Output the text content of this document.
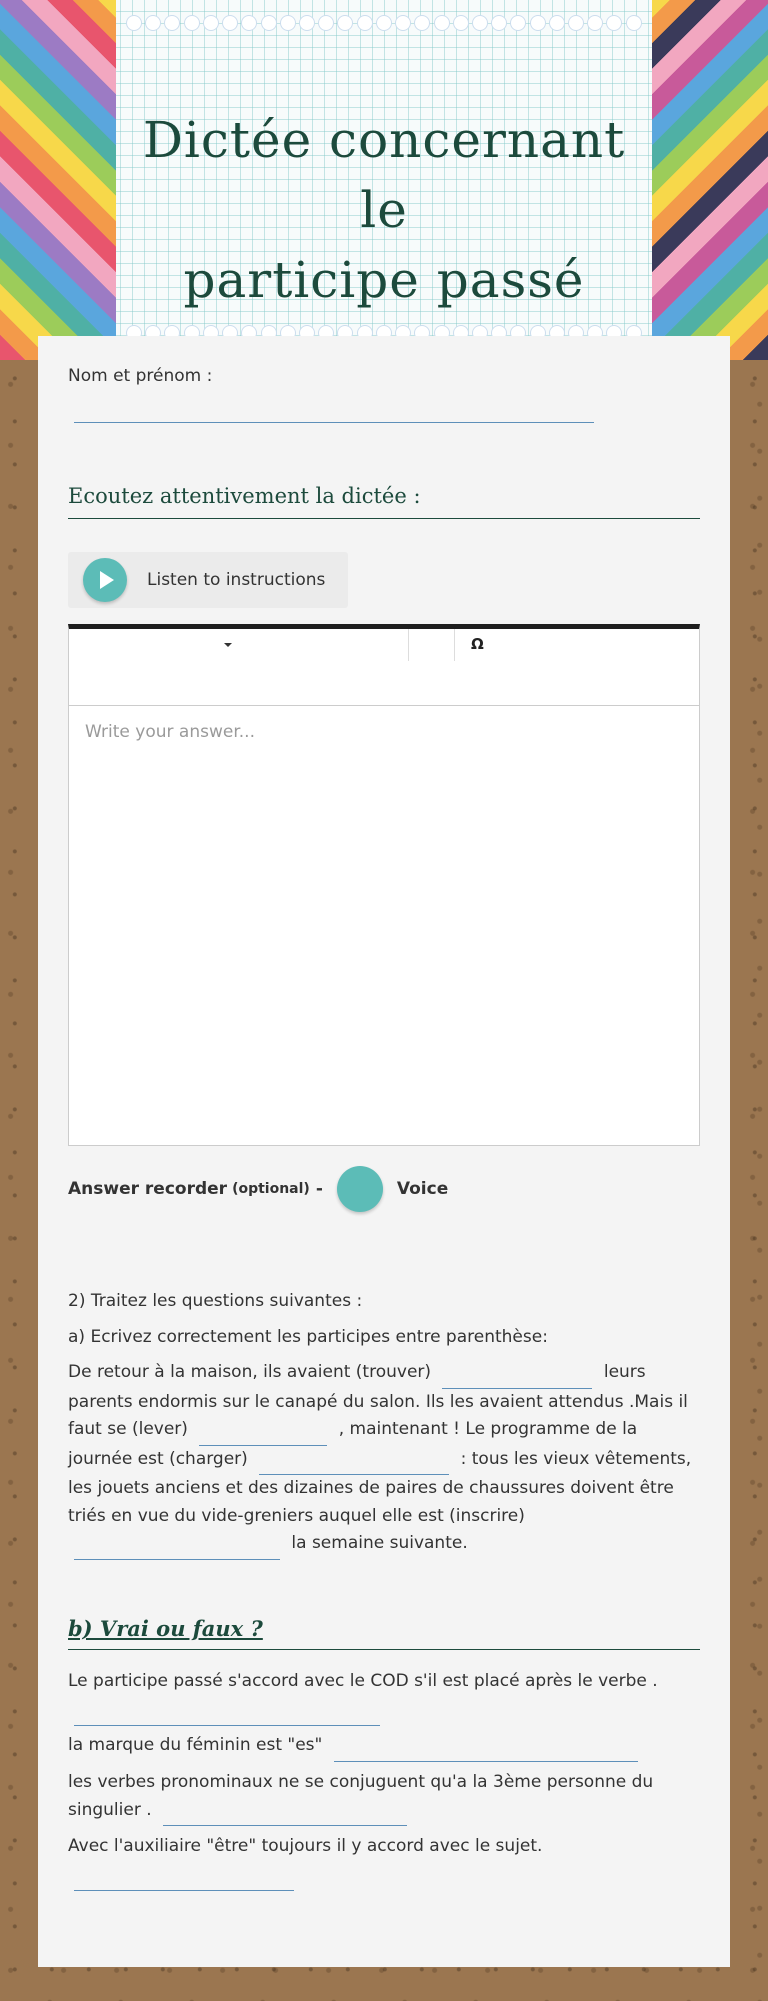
Dictée concernant le
participe passé
Nom et prénom :
Ecoutez attentivement la dictée :
Listen to instructions
Ω
Write your answer...
Answer recorder (optional) -	Voice
2) Traitez les questions suivantes :
a) Ecrivez correctement les participes entre parenthèse:
De retour à la maison, ils avaient (trouver)	leurs parents endormis sur le canapé du salon. Ils les avaient attendus .Mais il faut se (lever)	, maintenant ! Le programme de la journée est (charger)	: tous les vieux vêtements, les jouets anciens et des dizaines de paires de chaussures doivent être triés en vue du vide-greniers auquel elle est (inscrire)  la semaine suivante.
b) Vrai ou faux ?
Le participe passé s'accord avec le COD s'il est placé après le verbe .
la marque du féminin est "es"
les verbes pronominaux ne se conjuguent qu'a la 3ème personne du singulier .
Avec l'auxiliaire "être" toujours il y accord avec le sujet.
